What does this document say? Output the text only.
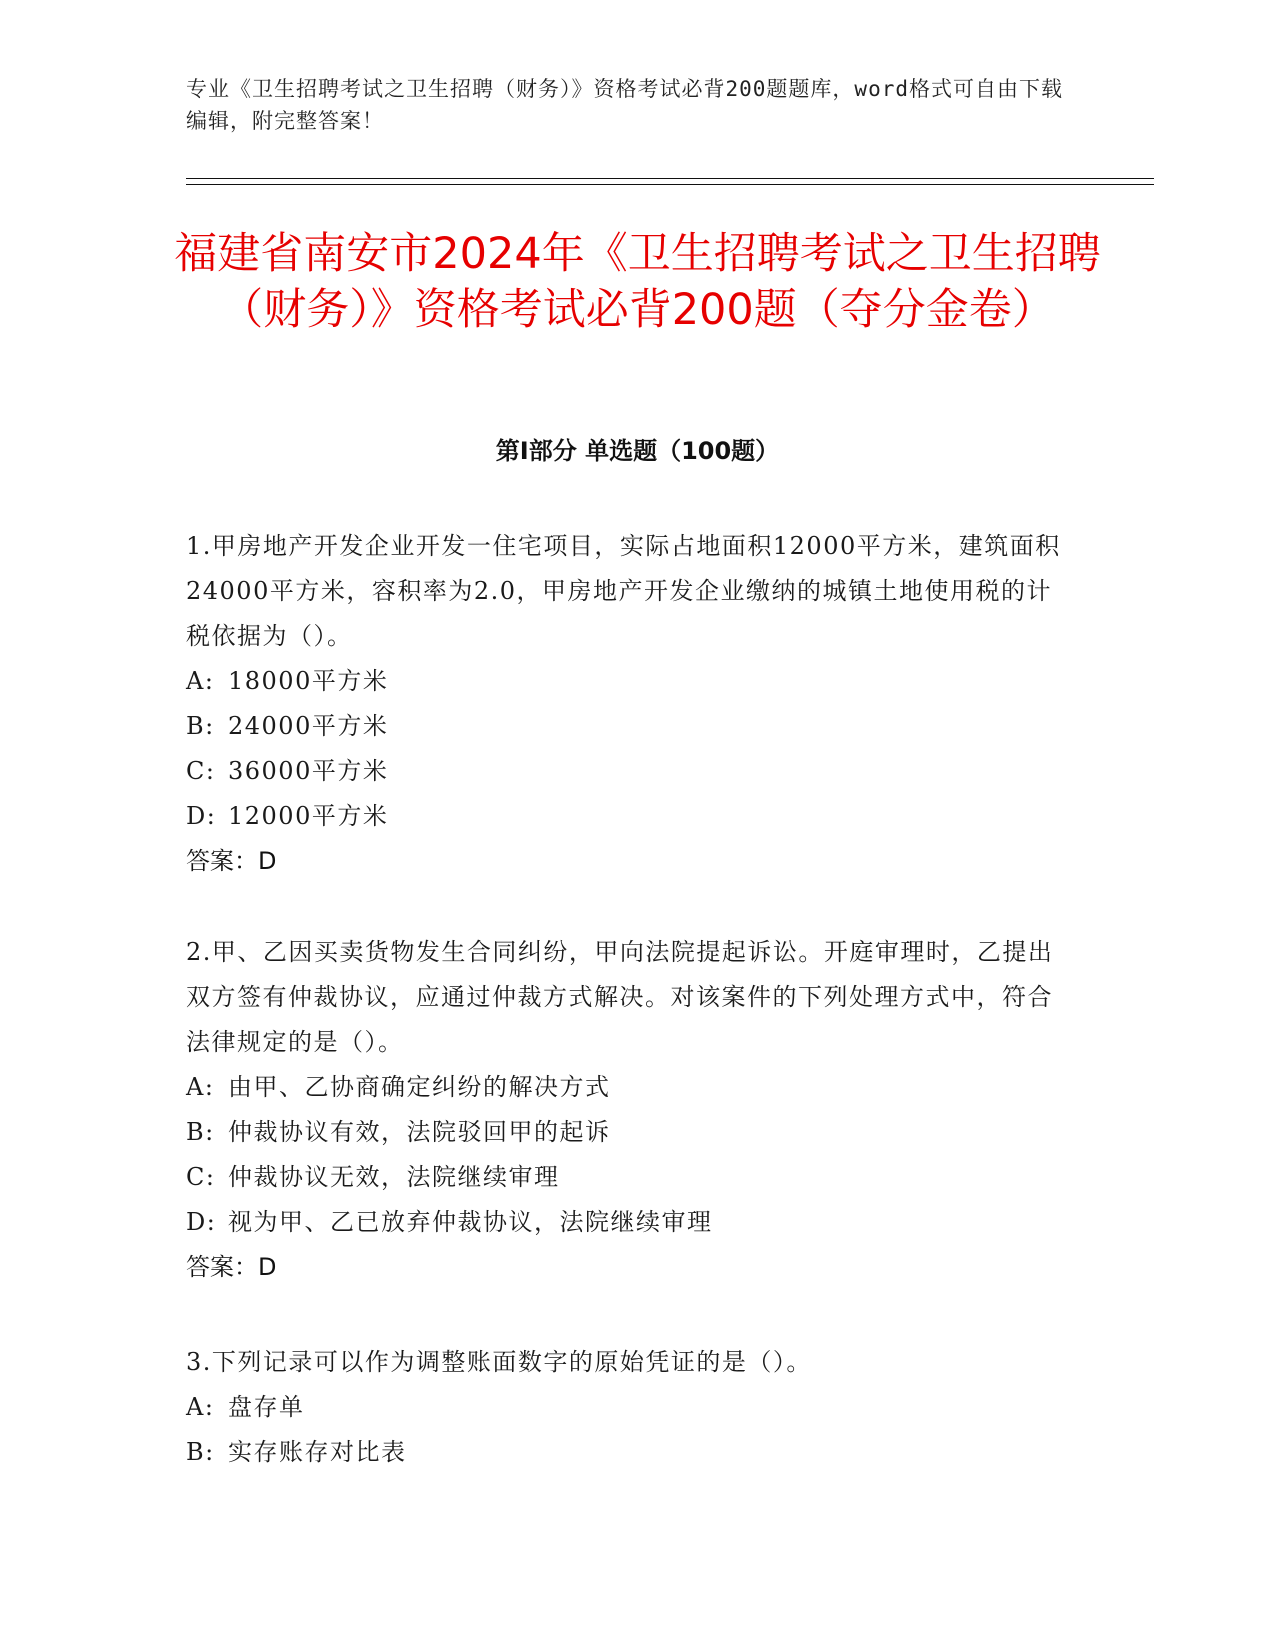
专业《卫生招聘考试之卫生招聘（财务）》资格考试必背200题题库，word格式可自由下载编辑，附完整答案！
福建省南安市2024年《卫生招聘考试之卫生招聘（财务）》资格考试必背200题（夺分金卷）
第Ⅰ部分 单选题（100题）

1.甲房地产开发企业开发一住宅项目，实际占地面积12000平方米，建筑面积24000平方米，容积率为2.0，甲房地产开发企业缴纳的城镇土地使用税的计税依据为（）。

A: 18000平方米

B: 24000平方米

C: 36000平方米

D: 12000平方米

答案：D

2.甲、乙因买卖货物发生合同纠纷，甲向法院提起诉讼。开庭审理时，乙提出双方签有仲裁协议，应通过仲裁方式解决。对该案件的下列处理方式中，符合法律规定的是（）。

A: 由甲、乙协商确定纠纷的解决方式

B: 仲裁协议有效，法院驳回甲的起诉

C: 仲裁协议无效，法院继续审理

D: 视为甲、乙已放弃仲裁协议，法院继续审理

答案：D

3.下列记录可以作为调整账面数字的原始凭证的是（）。

A: 盘存单

B: 实存账存对比表
